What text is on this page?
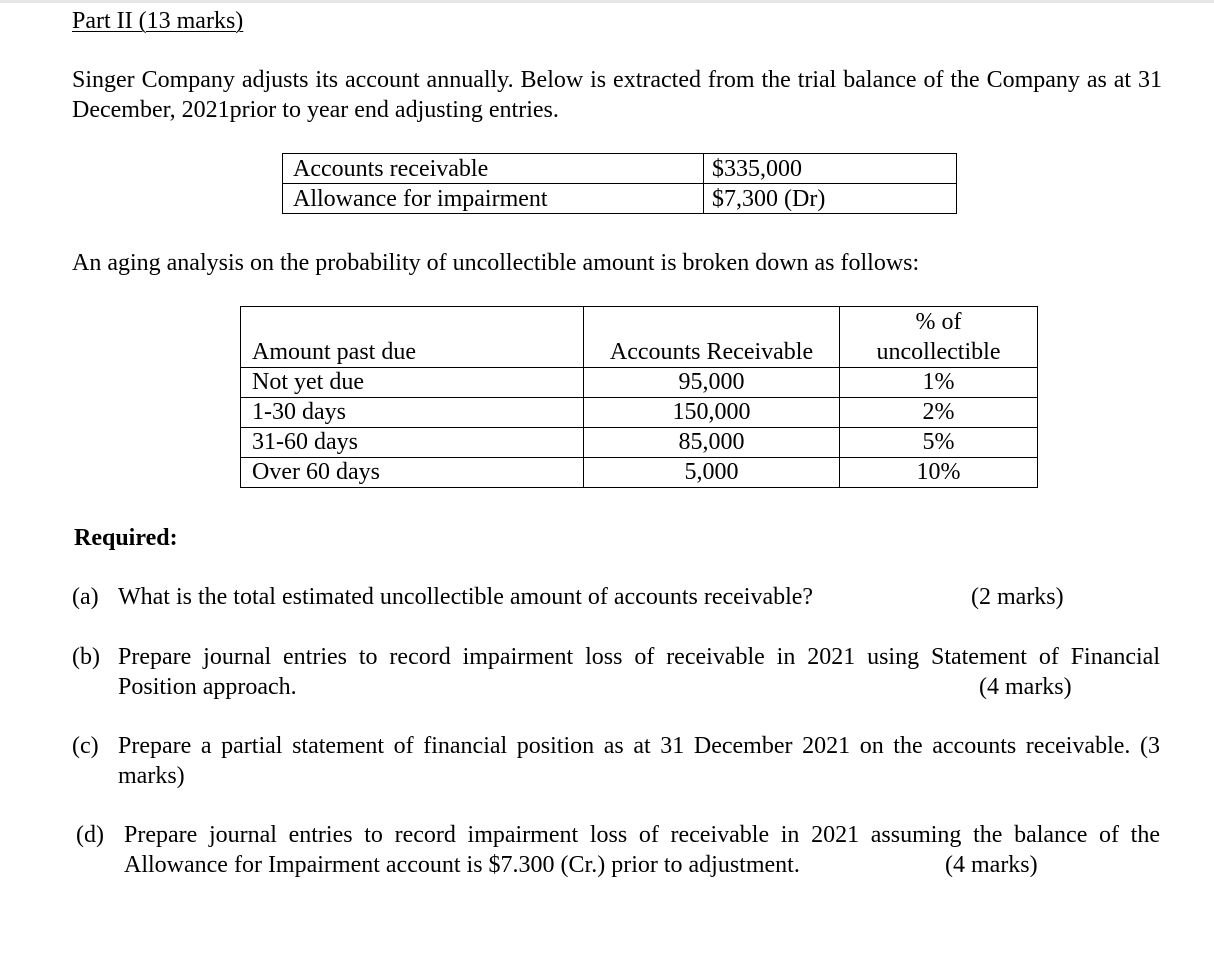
Part II (13 marks)
Singer Company adjusts its account annually. Below is extracted from the trial balance of the Company as at 31 December, 2021prior to year end adjusting entries.
Accounts receivable	$335,000
Allowance for impairment	$7,300 (Dr)
An aging analysis on the probability of uncollectible amount is broken down as follows:
Amount past due	Accounts Receivable	% of
uncollectible
Not yet due	95,000	1%
1-30 days	150,000	2%
31-60 days	85,000	5%
Over 60 days	5,000	10%
Required:
(a) What is the total estimated uncollectible amount of accounts receivable?	(2 marks)
(b) Prepare journal entries to record impairment loss of receivable in 2021 using Statement of Financial Position approach.	(4 marks)
(c) Prepare a partial statement of financial position as at 31 December 2021 on the accounts receivable. (3 marks)
(d) Prepare journal entries to record impairment loss of receivable in 2021 assuming the balance of the Allowance for Impairment account is $7.300 (Cr.) prior to adjustment.	(4 marks)
